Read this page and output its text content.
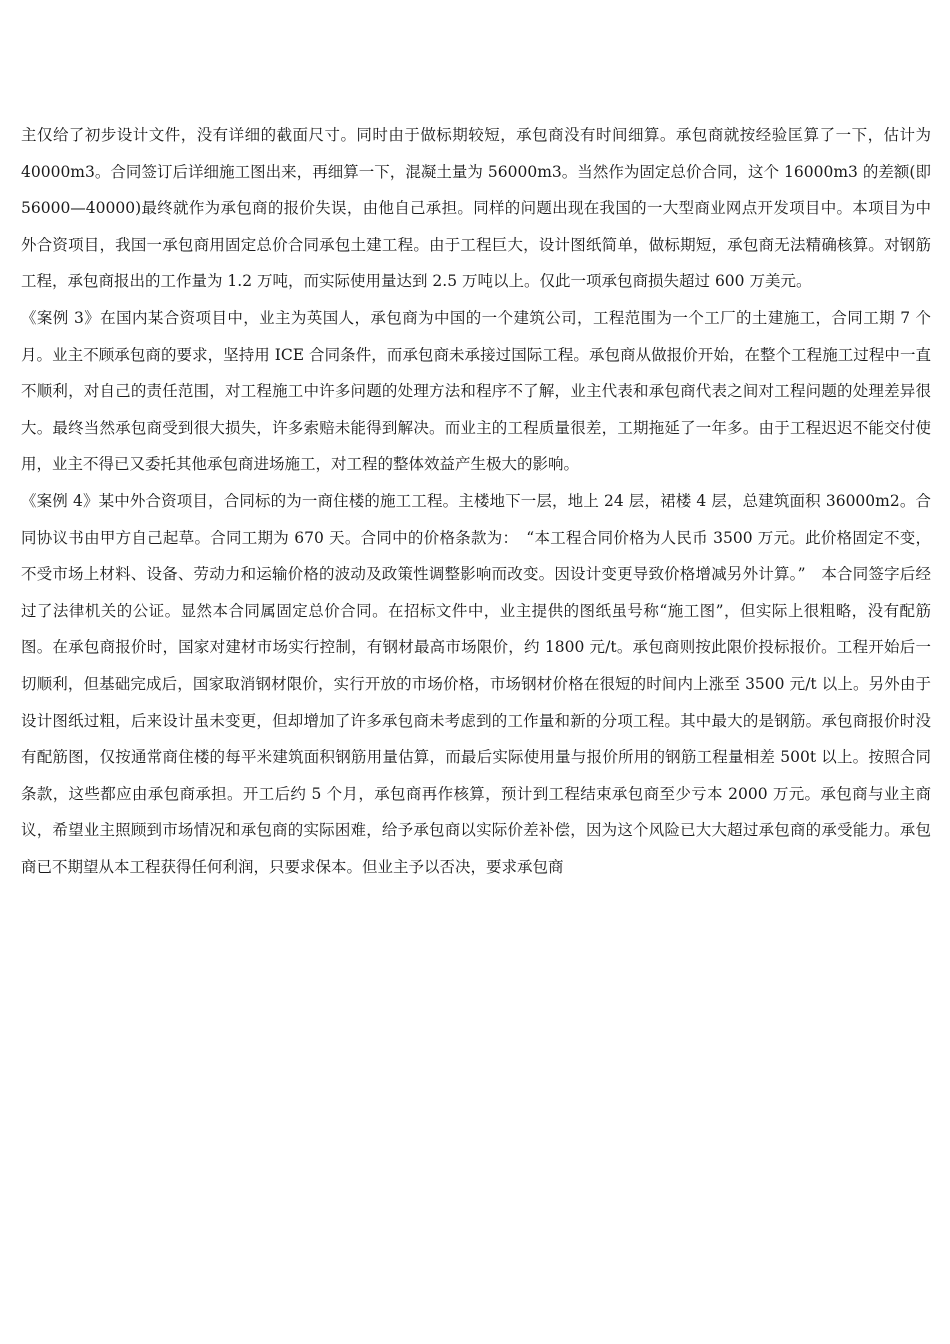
主仅给了初步设计文件，没有详细的截面尺寸。同时由于做标期较短，承包商没有时间细算。承包商就按经验匡算了一下，估计为 40000m3。合同签订后详细施工图出来，再细算一下，混凝土量为 56000m3。当然作为固定总价合同，这个 16000m3 的差额(即 56000—40000)最终就作为承包商的报价失误，由他自己承担。同样的问题出现在我国的一大型商业网点开发项目中。本项目为中外合资项目，我国一承包商用固定总价合同承包土建工程。由于工程巨大，设计图纸简单，做标期短，承包商无法精确核算。对钢筋工程，承包商报出的工作量为 1.2 万吨，而实际使用量达到 2.5 万吨以上。仅此一项承包商损失超过 600 万美元。

《案例 3》在国内某合资项目中，业主为英国人，承包商为中国的一个建筑公司，工程范围为一个工厂的土建施工，合同工期 7 个月。业主不顾承包商的要求，坚持用 ICE 合同条件，而承包商未承接过国际工程。承包商从做报价开始，在整个工程施工过程中一直不顺利，对自己的责任范围，对工程施工中许多问题的处理方法和程序不了解，业主代表和承包商代表之间对工程问题的处理差异很大。最终当然承包商受到很大损失，许多索赔未能得到解决。而业主的工程质量很差，工期拖延了一年多。由于工程迟迟不能交付使用，业主不得已又委托其他承包商进场施工，对工程的整体效益产生极大的影响。

《案例 4》某中外合资项目，合同标的为一商住楼的施工工程。主楼地下一层，地上 24 层，裙楼 4 层，总建筑面积 36000m2。合同协议书由甲方自己起草。合同工期为 670 天。合同中的价格条款为：　“本工程合同价格为人民币 3500 万元。此价格固定不变，不受市场上材料、设备、劳动力和运输价格的波动及政策性调整影响而改变。因设计变更导致价格增减另外计算。”　本合同签字后经过了法律机关的公证。显然本合同属固定总价合同。在招标文件中，业主提供的图纸虽号称“施工图”，但实际上很粗略，没有配筋图。在承包商报价时，国家对建材市场实行控制，有钢材最高市场限价，约 1800 元/t。承包商则按此限价投标报价。工程开始后一切顺利，但基础完成后，国家取消钢材限价，实行开放的市场价格，市场钢材价格在很短的时间内上涨至 3500 元/t 以上。另外由于设计图纸过粗，后来设计虽未变更，但却增加了许多承包商未考虑到的工作量和新的分项工程。其中最大的是钢筋。承包商报价时没有配筋图，仅按通常商住楼的每平米建筑面积钢筋用量估算，而最后实际使用量与报价所用的钢筋工程量相差 500t 以上。按照合同条款，这些都应由承包商承担。开工后约 5 个月，承包商再作核算，预计到工程结束承包商至少亏本 2000 万元。承包商与业主商议，希望业主照顾到市场情况和承包商的实际困难，给予承包商以实际价差补偿，因为这个风险已大大超过承包商的承受能力。承包商已不期望从本工程获得任何利润，只要求保本。但业主予以否决，要求承包商
